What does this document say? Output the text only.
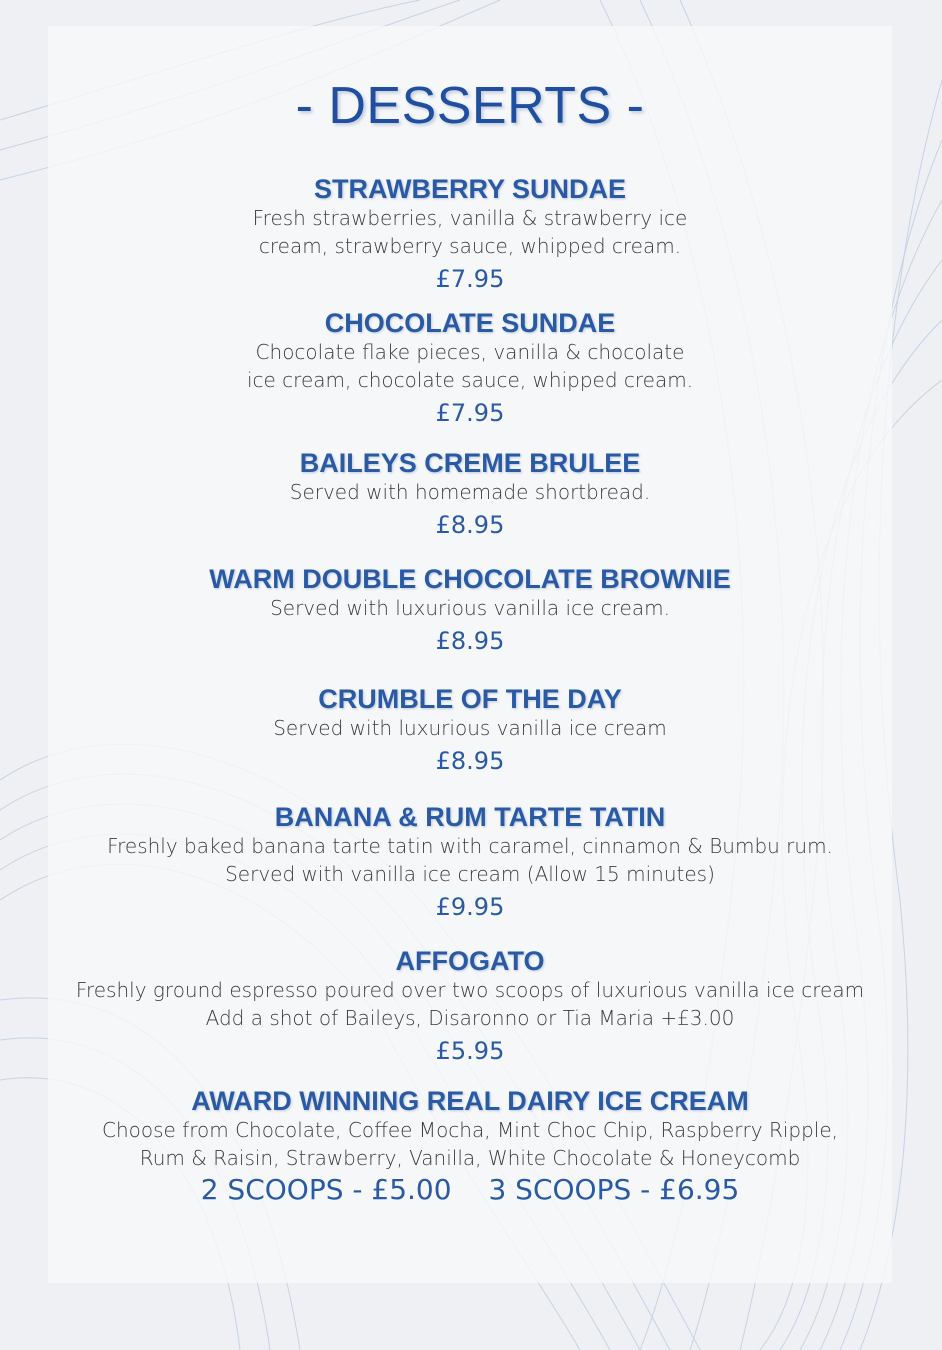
- DESSERTS -
STRAWBERRY SUNDAE
Fresh strawberries, vanilla & strawberry ice
cream, strawberry sauce, whipped cream.
£7.95
CHOCOLATE SUNDAE
Chocolate flake pieces, vanilla & chocolate
ice cream, chocolate sauce, whipped cream.
£7.95
BAILEYS CREME BRULEE
Served with homemade shortbread.
£8.95
WARM DOUBLE CHOCOLATE BROWNIE
Served with luxurious vanilla ice cream.
£8.95
CRUMBLE OF THE DAY
Served with luxurious vanilla ice cream
£8.95
BANANA & RUM TARTE TATIN
Freshly baked banana tarte tatin with caramel, cinnamon & Bumbu rum.
Served with vanilla ice cream (Allow 15 minutes)
£9.95
AFFOGATO
Freshly ground espresso poured over two scoops of luxurious vanilla ice cream
Add a shot of Baileys, Disaronno or Tia Maria +£3.00
£5.95
AWARD WINNING REAL DAIRY ICE CREAM
Choose from Chocolate, Coffee Mocha, Mint Choc Chip, Raspberry Ripple,
Rum & Raisin, Strawberry, Vanilla, White Chocolate & Honeycomb
2 SCOOPS - £5.00 3 SCOOPS - £6.95
